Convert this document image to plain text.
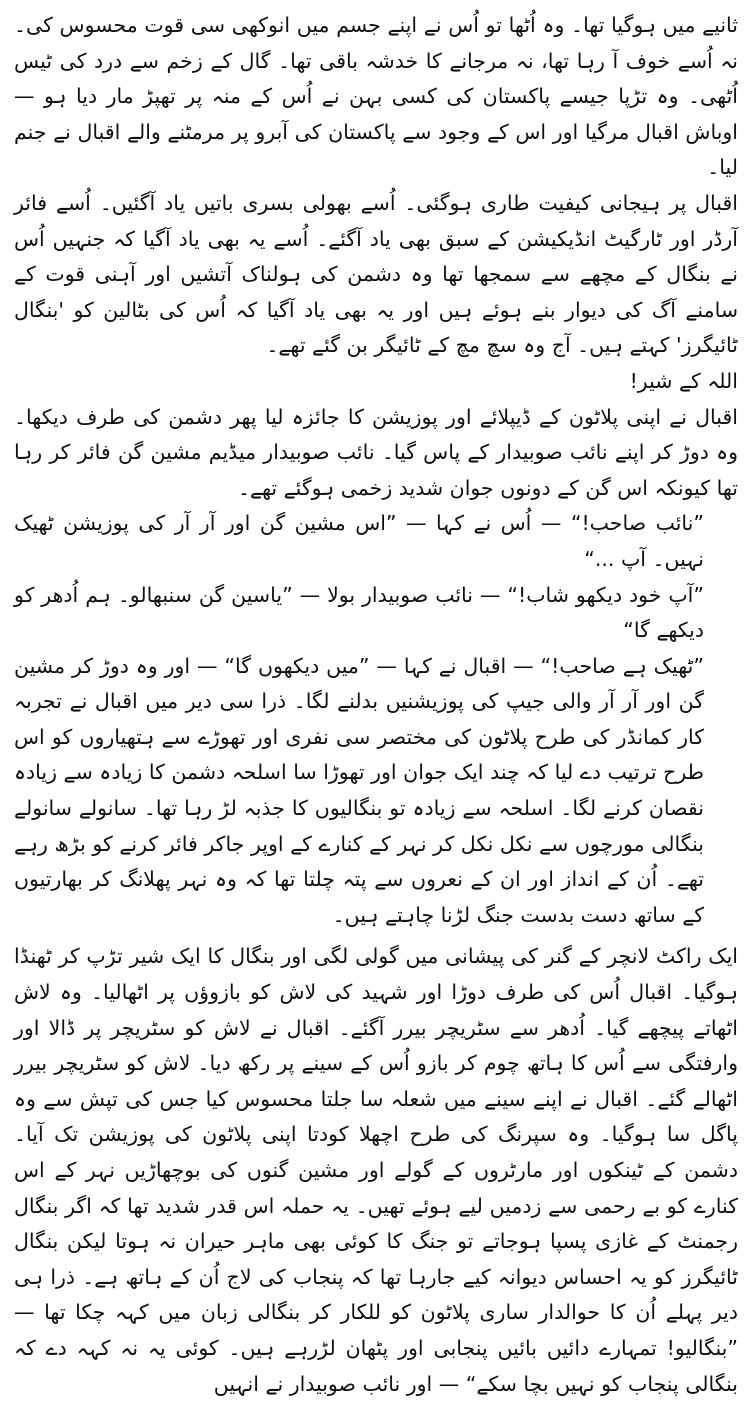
ثانیے میں ہوگیا تھا۔ وہ اُٹھا تو اُس نے اپنے جسم میں انوکھی سی قوت محسوس کی۔ نہ اُسے خوف آ رہا تھا، نہ مرجانے کا خدشہ باقی تھا۔ گال کے زخم سے درد کی ٹیس اُٹھی۔ وہ تڑپا جیسے پاکستان کی کسی بہن نے اُس کے منہ پر تھپڑ مار دیا ہو — اوباش اقبال مرگیا اور اس کے وجود سے پاکستان کی آبرو پر مرمٹنے والے اقبال نے جنم لیا۔

اقبال پر ہیجانی کیفیت طاری ہوگئی۔ اُسے بھولی بسری باتیں یاد آگئیں۔ اُسے فائر آرڈر اور ٹارگیٹ انڈیکیشن کے سبق بھی یاد آگئے۔ اُسے یہ بھی یاد آگیا کہ جنہیں اُس نے بنگال کے مچھے سے سمجھا تھا وہ دشمن کی ہولناک آتشیں اور آہنی قوت کے سامنے آگ کی دیوار بنے ہوئے ہیں اور یہ بھی یاد آگیا کہ اُس کی بٹالین کو 'بنگال ٹائیگرز' کہتے ہیں۔ آج وہ سچ مچ کے ٹائیگر بن گئے تھے۔

اللہ کے شیر!

اقبال نے اپنی پلاٹون کے ڈیپلائے اور پوزیشن کا جائزہ لیا پھر دشمن کی طرف دیکھا۔ وہ دوڑ کر اپنے نائب صوبیدار کے پاس گیا۔ نائب صوبیدار میڈیم مشین گن فائر کر رہا تھا کیونکہ اس گن کے دونوں جوان شدید زخمی ہوگئے تھے۔

”نائب صاحب!“ — اُس نے کہا — ”اس مشین گن اور آر آر کی پوزیشن ٹھیک نہیں۔ آپ ...“

”آپ خود دیکھو شاب!“ — نائب صوبیدار بولا — ”یاسین گن سنبھالو۔ ہم اُدھر کو دیکھے گا“

”ٹھیک ہے صاحب!“ — اقبال نے کہا — ”میں دیکھوں گا“ — اور وہ دوڑ کر مشین گن اور آر آر والی جیپ کی پوزیشنیں بدلنے لگا۔ ذرا سی دیر میں اقبال نے تجربہ کار کمانڈر کی طرح پلاٹون کی مختصر سی نفری اور تھوڑے سے ہتھیاروں کو اس طرح ترتیب دے لیا کہ چند ایک جوان اور تھوڑا سا اسلحہ دشمن کا زیادہ سے زیادہ نقصان کرنے لگا۔ اسلحہ سے زیادہ تو بنگالیوں کا جذبہ لڑ رہا تھا۔ سانولے سانولے بنگالی مورچوں سے نکل نکل کر نہر کے کنارے کے اوپر جاکر فائر کرنے کو بڑھ رہے تھے۔ اُن کے انداز اور ان کے نعروں سے پتہ چلتا تھا کہ وہ نہر پھلانگ کر بھارتیوں کے ساتھ دست بدست جنگ لڑنا چاہتے ہیں۔

ایک راکٹ لانچر کے گنر کی پیشانی میں گولی لگی اور بنگال کا ایک شیر تڑپ کر ٹھنڈا ہوگیا۔ اقبال اُس کی طرف دوڑا اور شہید کی لاش کو بازوؤں پر اٹھالیا۔ وہ لاش اٹھاتے پیچھے گیا۔ اُدھر سے سٹریچر بیرر آگئے۔ اقبال نے لاش کو سٹریچر پر ڈالا اور وارفتگی سے اُس کا ہاتھ چوم کر بازو اُس کے سینے پر رکھ دیا۔ لاش کو سٹریچر بیرر اٹھالے گئے۔ اقبال نے اپنے سینے میں شعلہ سا جلتا محسوس کیا جس کی تپش سے وہ پاگل سا ہوگیا۔ وہ سپرنگ کی طرح اچھلا کودتا اپنی پلاٹون کی پوزیشن تک آیا۔ دشمن کے ٹینکوں اور مارٹروں کے گولے اور مشین گنوں کی بوچھاڑیں نہر کے اس کنارے کو بے رحمی سے زدمیں لیے ہوئے تھیں۔ یہ حملہ اس قدر شدید تھا کہ اگر بنگال رجمنٹ کے غازی پسپا ہوجاتے تو جنگ کا کوئی بھی ماہر حیران نہ ہوتا لیکن بنگال ٹائیگرز کو یہ احساس دیوانہ کیے جارہا تھا کہ پنجاب کی لاج اُن کے ہاتھ ہے۔ ذرا ہی دیر پہلے اُن کا حوالدار ساری پلاٹون کو للکار کر بنگالی زبان میں کہہ چکا تھا — ”بنگالیو! تمہارے دائیں بائیں پنجابی اور پٹھان لڑرہے ہیں۔ کوئی یہ نہ کہہ دے کہ بنگالی پنجاب کو نہیں بچا سکے“ — اور نائب صوبیدار نے انہیں
